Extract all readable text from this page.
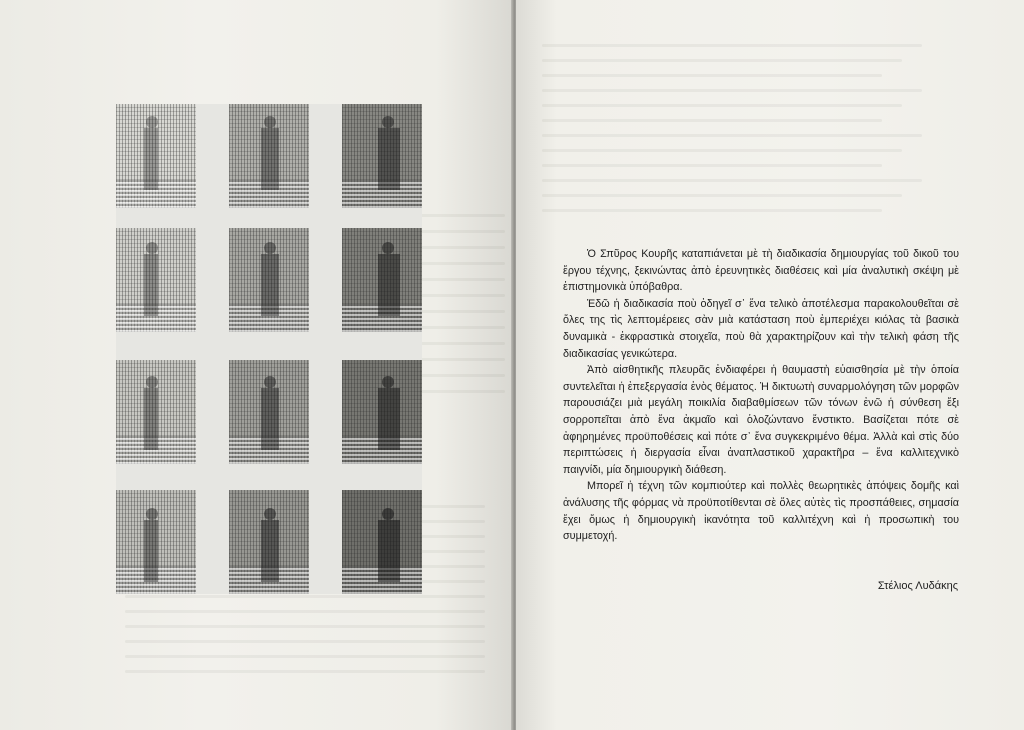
Ὁ Σπῦρος Κουρῆς καταπιάνεται μὲ τὴ διαδικασία δημιουργίας τοῦ δικοῦ του ἔργου τέχνης, ξεκινώντας ἀπὸ ἐρευνητικὲς διαθέσεις καὶ μία ἀναλυτικὴ σκέψη μὲ ἐπιστημονικὰ ὑπόβαθρα.

Ἐδῶ ἡ διαδικασία ποὺ ὁδηγεῖ σ᾽ ἕνα τελικὸ ἀποτέλεσμα παρακολουθεῖται σὲ ὅλες της τὶς λεπτομέρειες σὰν μιὰ κατάσταση ποὺ ἐμπεριέχει κιόλας τὰ βασικὰ δυναμικὰ - ἐκφραστικὰ στοιχεῖα, ποὺ θὰ χαρακτηρίζουν καὶ τὴν τελικὴ φάση τῆς διαδικασίας γενικώτερα.

Ἀπὸ αἰσθητικῆς πλευρᾶς ἐνδιαφέρει ἡ θαυμαστὴ εὐαισθησία μὲ τὴν ὁποία συντελεῖται ἡ ἐπεξεργασία ἑνὸς θέματος. Ἡ δικτυωτὴ συναρμολόγηση τῶν μορφῶν παρουσιάζει μιὰ μεγάλη ποικιλία διαβαθμίσεων τῶν τόνων ἐνῶ ἡ σύνθεση ἔξι σορροπεῖται ἀπὸ ἕνα ἀκμαῖο καὶ ὁλοζώντανο ἔνστικτο. Βασίζεται πότε σὲ ἀφηρημένες προϋποθέσεις καὶ πότε σ᾽ ἕνα συγκεκριμένο θέμα. Ἀλλὰ καὶ στὶς δύο περιπτώσεις ἡ διεργασία εἶναι ἀναπλαστικοῦ χαρακτῆρα – ἕνα καλλιτεχνικὸ παιγνίδι, μία δημιουργικὴ διάθεση.

Μπορεῖ ἡ τέχνη τῶν κομπιούτερ καὶ πολλὲς θεωρητικὲς ἀπόψεις δομῆς καὶ ἀνάλυσης τῆς φόρμας νὰ προϋποτίθενται σὲ ὅλες αὐτὲς τὶς προσπάθειες, σημασία ἔχει ὅμως ἡ δημιουργικὴ ἱκανότητα τοῦ καλλιτέχνη καὶ ἡ προσωπικὴ του συμμετοχή.

Στέλιος Λυδάκης
